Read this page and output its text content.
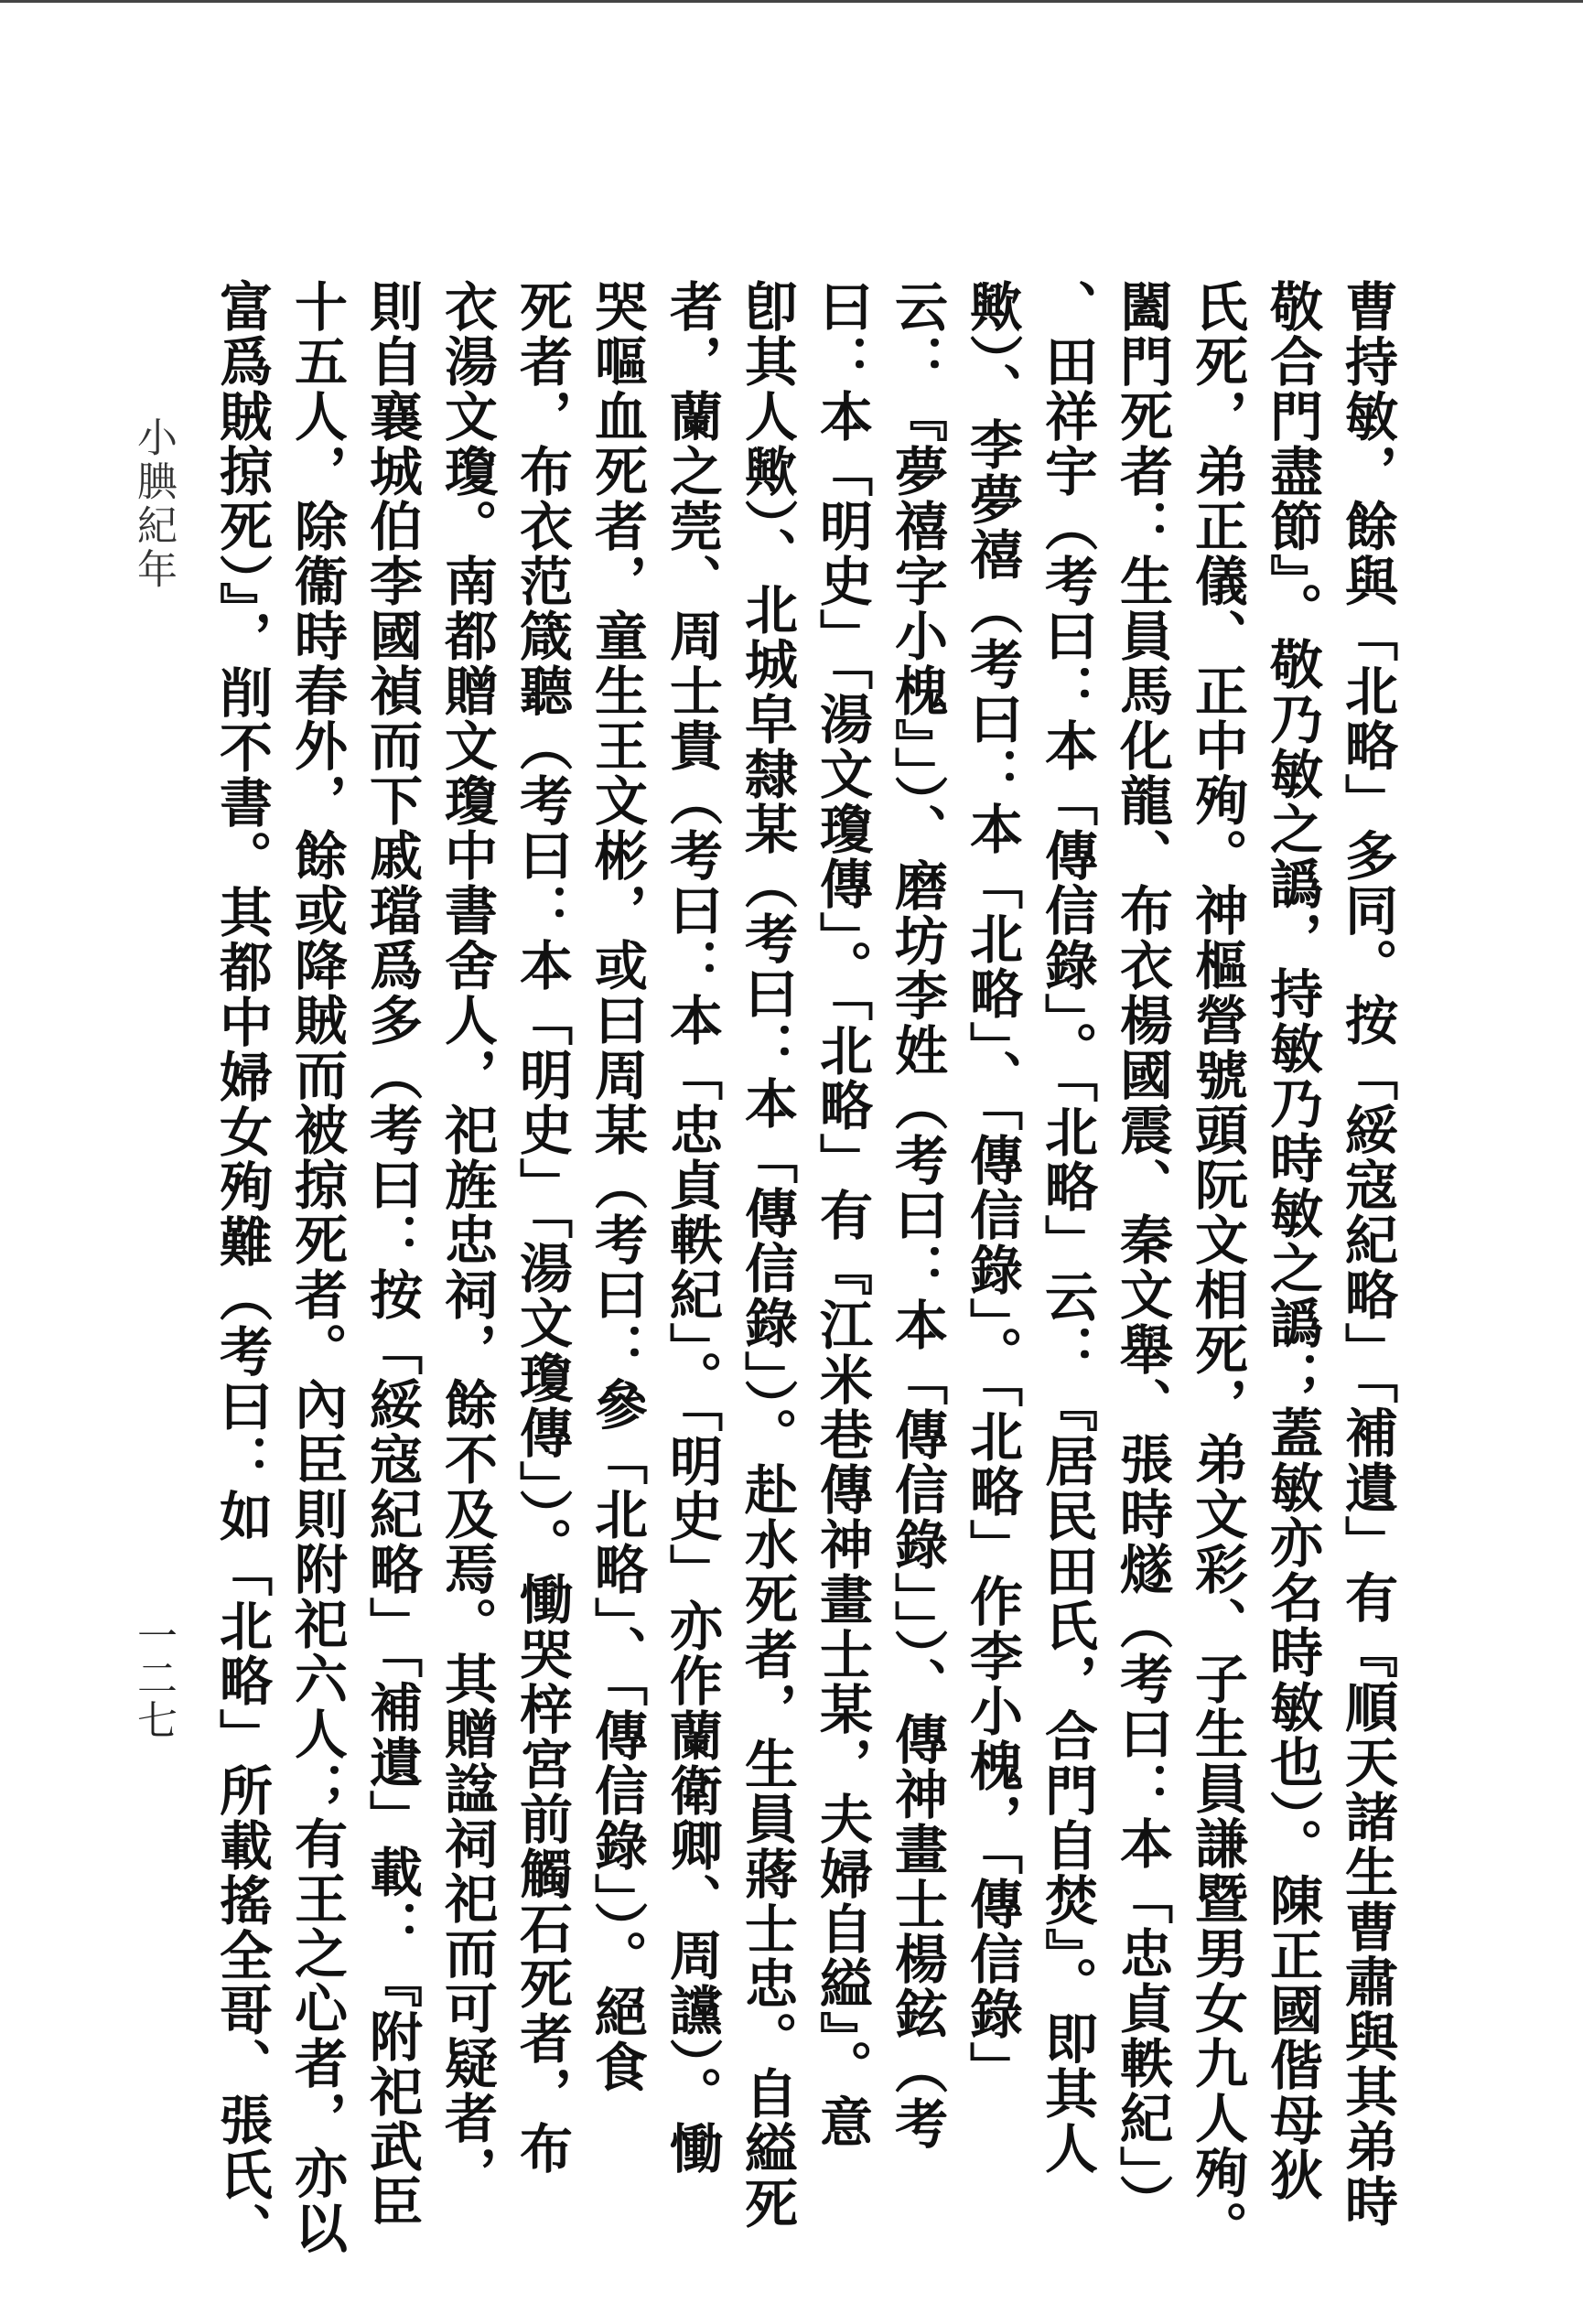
曹持敏，餘與「北略」多同。按「綏寇紀略」「補遺」有『順天諸生曹肅與其弟時
敬合門盡節』。敬乃敏之譌，持敏乃時敏之譌；蓋敏亦名時敏也）。陳正國偕母狄
氏死，弟正儀、正中殉。神樞營號頭阮文相死，弟文彩、子生員謙暨男女九人殉。
闔門死者：生員馬化龍、布衣楊國震、秦文舉、張時燧（考曰：本「忠貞軼紀」）
、田祥宇（考曰：本「傳信錄」。「北略」云：『居民田氏，合門自焚』。即其人
歟）、李夢禧（考曰：本「北略」、「傳信錄」。「北略」作李小槐，「傳信錄」
云：『夢禧字小槐』」）、磨坊李姓（考曰：本「傳信錄」」）、傳神畫士楊鉉（考
曰：本「明史」「湯文瓊傳」。「北略」有『江米巷傳神畫士某，夫婦自縊』。意
卽其人歟）、北城皁隸某（考曰：本「傳信錄」）。赴水死者，生員蔣士忠。自縊死
者，蘭之莞、周士貴（考曰：本「忠貞軼紀」。「明史」亦作蘭衛卿、周讜）。慟
哭嘔血死者，童生王文彬，或曰周某（考曰：參「北略」、「傳信錄」）。絕食
死者，布衣范箴聽（考曰：本「明史」「湯文瓊傳」）。慟哭梓宮前觸石死者，布
衣湯文瓊。南都贈文瓊中書舍人，祀旌忠祠，餘不及焉。其贈諡祠祀而可疑者，
則自襄城伯李國禎而下戚璫爲多（考曰：按「綏寇紀略」「補遺」載：『附祀武臣
十五人，除衞時春外，餘或降賊而被掠死者。內臣則附祀六人；有王之心者，亦以
富爲賊掠死）』，削不書。其都中婦女殉難（考曰：如「北略」所載搖全哥、張氏、
小腆紀年
一二七
